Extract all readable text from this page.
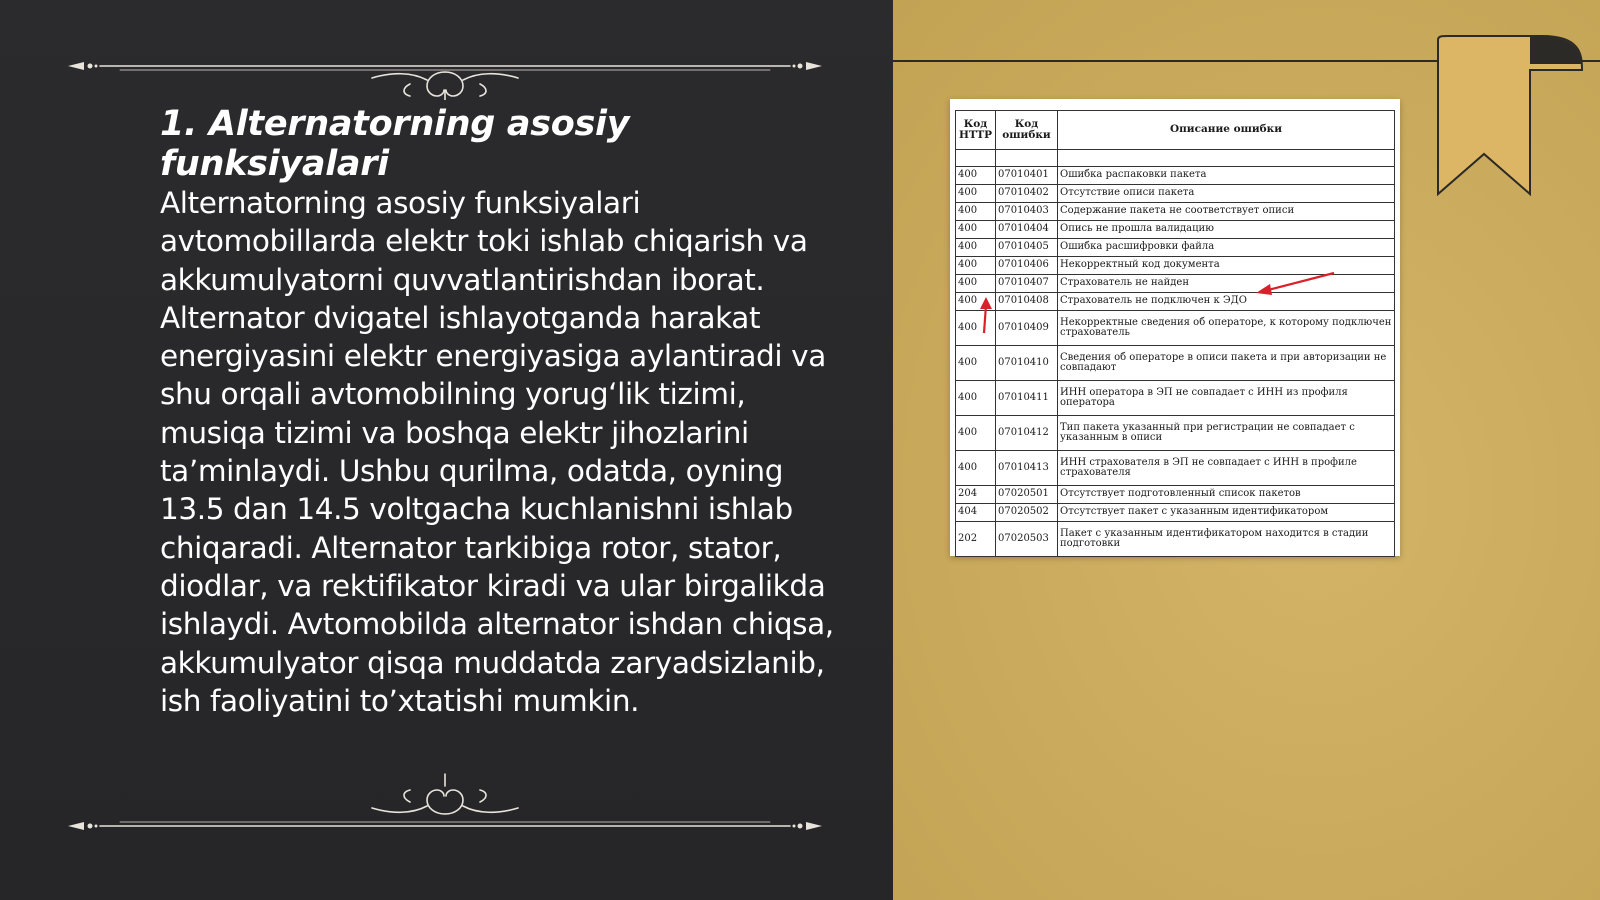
1. Alternatorning asosiy funksiyalari

Alternatorning asosiy funksiyalari avtomobillarda elektr toki ishlab chiqarish va akkumulyatorni quvvatlantirishdan iborat. Alternator dvigatel ishlayotganda harakat energiyasini elektr energiyasiga aylantiradi va shu orqali avtomobilning yorugʻlik tizimi, musiqa tizimi va boshqa elektr jihozlarini ta’minlaydi. Ushbu qurilma, odatda, oyning 13.5 dan 14.5 voltgacha kuchlanishni ishlab chiqaradi. Alternator tarkibiga rotor, stator, diodlar, va rektifikator kiradi va ular birgalikda ishlaydi. Avtomobilda alternator ishdan chiqsa, akkumulyator qisqa muddatda zaryadsizlanib, ish faoliyatini to’xtatishi mumkin.

Код HTTP	Код ошибки	Описание ошибки

400	07010401	Ошибка распаковки пакета
400	07010402	Отсутствие описи пакета
400	07010403	Содержание пакета не соответствует описи
400	07010404	Опись не прошла валидацию
400	07010405	Ошибка расшифровки файла
400	07010406	Некорректный код документа
400	07010407	Страхователь не найден
400	07010408	Страхователь не подключен к ЭДО
400	07010409	Некорректные сведения об операторе, к которому подключен страхователь
400	07010410	Сведения об операторе в описи пакета и при авторизации не совпадают
400	07010411	ИНН оператора в ЭП не совпадает с ИНН из профиля оператора
400	07010412	Тип пакета указанный при регистрации не совпадает с указанным в описи
400	07010413	ИНН страхователя в ЭП не совпадает с ИНН в профиле страхователя
204	07020501	Отсутствует подготовленный список пакетов
404	07020502	Отсутствует пакет с указанным идентификатором
202	07020503	Пакет с указанным идентификатором находится в стадии подготовки
